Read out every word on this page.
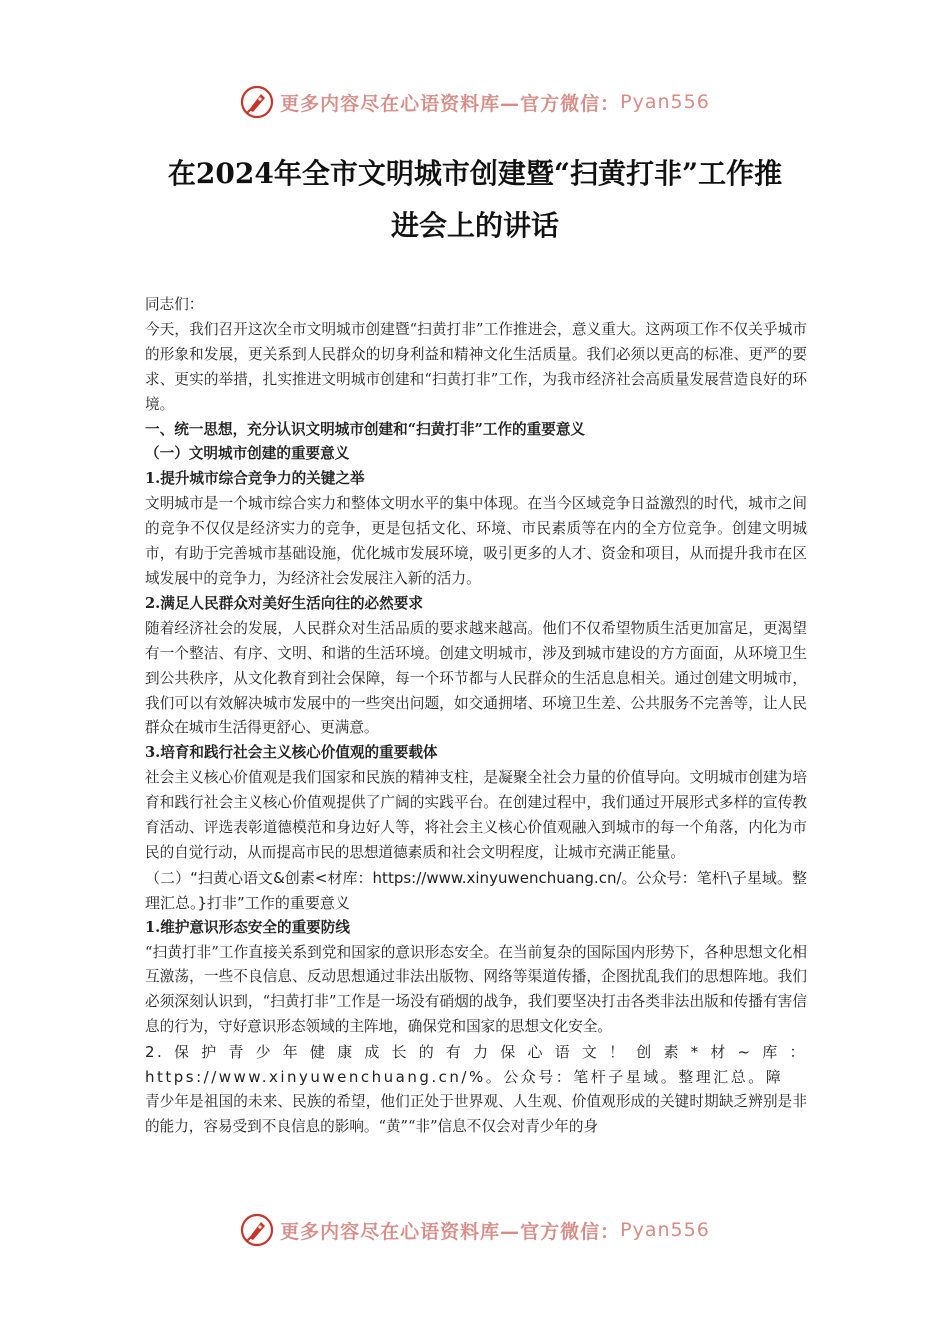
更多内容尽在心语资料库—官方微信： Pyan556
在2024年全市文明城市创建暨“扫黄打非”工作推
进会上的讲话

同志们：

今天，我们召开这次全市文明城市创建暨“扫黄打非”工作推进会，意义重大。这两项工作不仅关乎城市的形象和发展，更关系到人民群众的切身利益和精神文化生活质量。我们必须以更高的标准、更严的要求、更实的举措，扎实推进文明城市创建和“扫黄打非”工作，为我市经济社会高质量发展营造良好的环境。

一、统一思想，充分认识文明城市创建和“扫黄打非”工作的重要意义

（一）文明城市创建的重要意义

1.提升城市综合竞争力的关键之举

文明城市是一个城市综合实力和整体文明水平的集中体现。在当今区域竞争日益激烈的时代，城市之间的竞争不仅仅是经济实力的竞争，更是包括文化、环境、市民素质等在内的全方位竞争。创建文明城市，有助于完善城市基础设施，优化城市发展环境，吸引更多的人才、资金和项目，从而提升我市在区域发展中的竞争力，为经济社会发展注入新的活力。

2.满足人民群众对美好生活向往的必然要求

随着经济社会的发展，人民群众对生活品质的要求越来越高。他们不仅希望物质生活更加富足，更渴望有一个整洁、有序、文明、和谐的生活环境。创建文明城市，涉及到城市建设的方方面面，从环境卫生到公共秩序，从文化教育到社会保障，每一个环节都与人民群众的生活息息相关。通过创建文明城市，我们可以有效解决城市发展中的一些突出问题，如交通拥堵、环境卫生差、公共服务不完善等，让人民群众在城市生活得更舒心、更满意。

3.培育和践行社会主义核心价值观的重要载体

社会主义核心价值观是我们国家和民族的精神支柱，是凝聚全社会力量的价值导向。文明城市创建为培育和践行社会主义核心价值观提供了广阔的实践平台。在创建过程中，我们通过开展形式多样的宣传教育活动、评选表彰道德模范和身边好人等，将社会主义核心价值观融入到城市的每一个角落，内化为市民的自觉行动，从而提高市民的思想道德素质和社会文明程度，让城市充满正能量。

（二）“扫黄心语文&创素<材库：https://www.xinyuwenchuang.cn/。公众号：笔杆\子星域。整理汇总。}打非”工作的重要意义

1.维护意识形态安全的重要防线

“扫黄打非”工作直接关系到党和国家的意识形态安全。在当前复杂的国际国内形势下，各种思想文化相互激荡，一些不良信息、反动思想通过非法出版物、网络等渠道传播，企图扰乱我们的思想阵地。我们必须深刻认识到，“扫黄打非”工作是一场没有硝烟的战争，我们要坚决打击各类非法出版和传播有害信息的行为，守好意识形态领域的主阵地，确保党和国家的思想文化安全。

2.保护青少年健康成长的有力保心语文！创素*材~库：https://www.xinyuwenchuang.cn/%。公众号：笔杆子星域。整理汇总。障

青少年是祖国的未来、民族的希望，他们正处于世界观、人生观、价值观形成的关键时期缺乏辨别是非的能力，容易受到不良信息的影响。“黄”“非”信息不仅会对青少年的身

更多内容尽在心语资料库—官方微信： Pyan556
